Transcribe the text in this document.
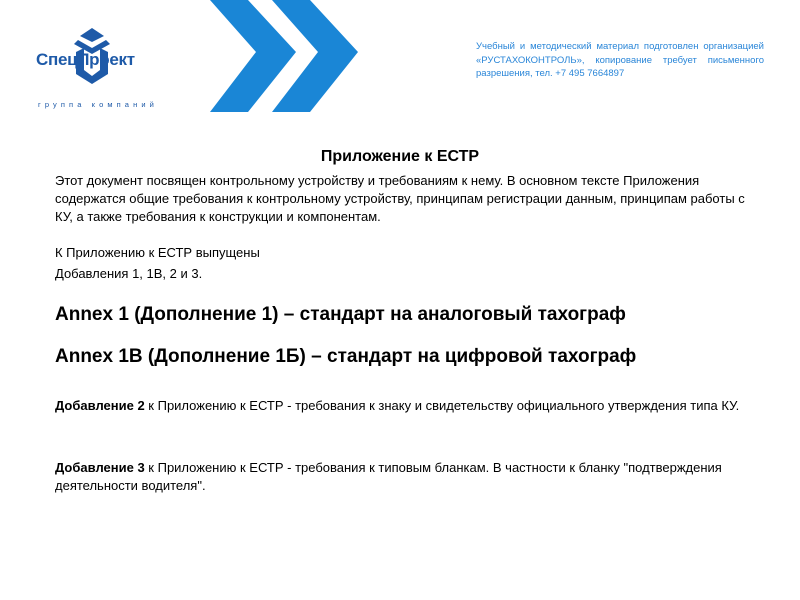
СпецПроект
группа компаний
Учебный и методический материал подготовлен организацией «РУСТАХОКОНТРОЛЬ», копирование требует письменного разрешения, тел. +7 495 7664897
Приложение к ЕСТР
Этот документ посвящен контрольному устройству и требованиям к нему. В основном тексте Приложения содержатся общие требования к контрольному устройству, принципам регистрации данным, принципам работы с КУ, а также требования к конструкции и компонентам.
К Приложению к ЕСТР выпущены
Добавления 1, 1В, 2 и 3.
Annex 1 (Дополнение 1) – стандарт на аналоговый тахограф
Annex 1B (Дополнение 1Б) – стандарт на цифровой тахограф
Добавление 2 к Приложению к ЕСТР - требования к знаку и свидетельству официального утверждения типа КУ.
Добавление 3 к Приложению к ЕСТР - требования к типовым бланкам. В частности к бланку "подтверждения деятельности водителя".
